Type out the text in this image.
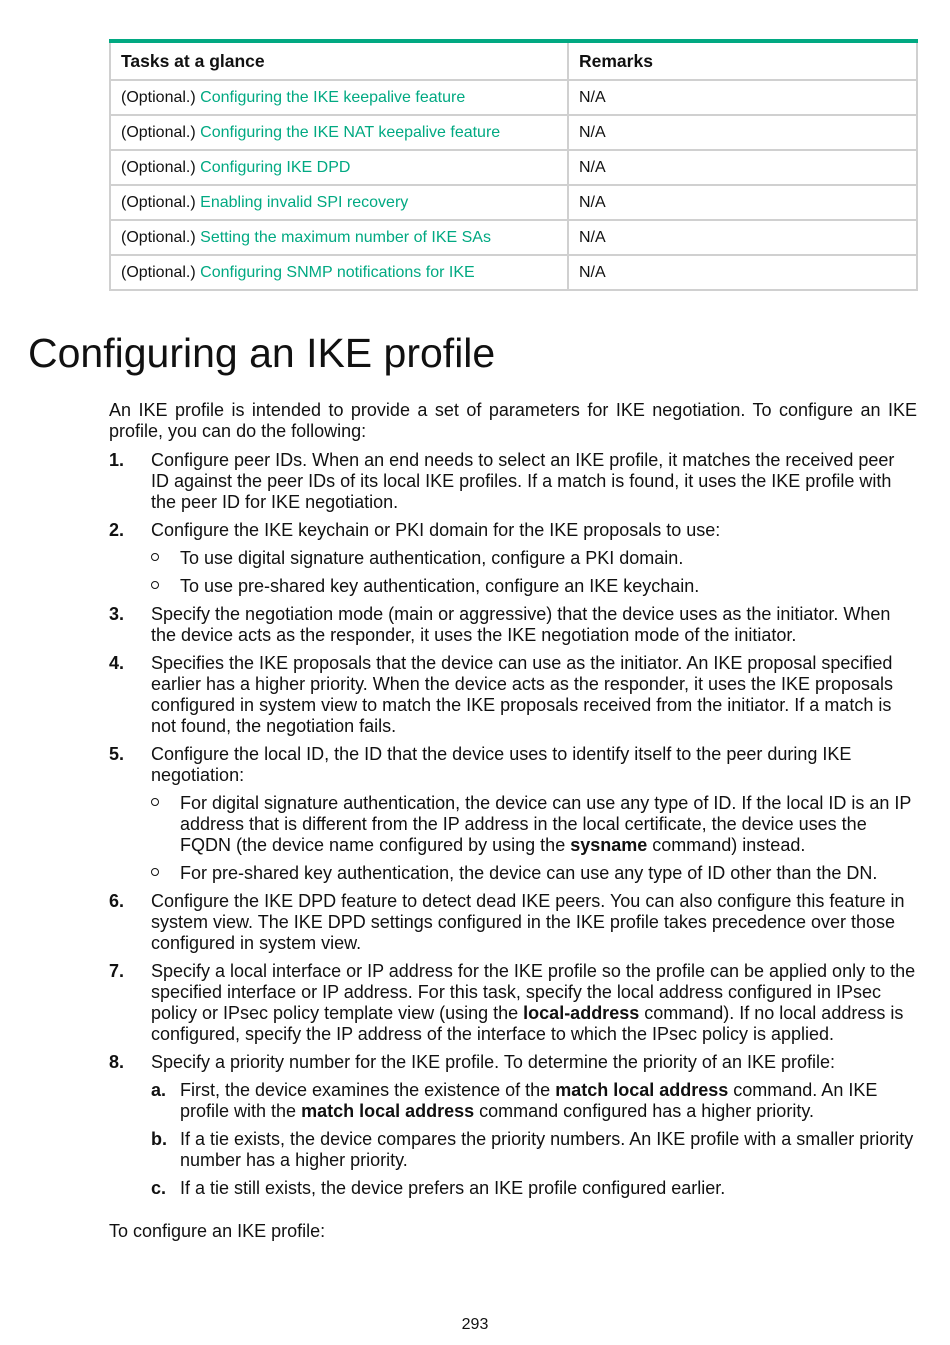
Tasks at a glance	Remarks
(Optional.) Configuring the IKE keepalive feature	N/A
(Optional.) Configuring the IKE NAT keepalive feature	N/A
(Optional.) Configuring IKE DPD	N/A
(Optional.) Enabling invalid SPI recovery	N/A
(Optional.) Setting the maximum number of IKE SAs	N/A
(Optional.) Configuring SNMP notifications for IKE	N/A
Configuring an IKE profile

An IKE profile is intended to provide a set of parameters for IKE negotiation. To configure an IKE profile, you can do the following:

1. Configure peer IDs. When an end needs to select an IKE profile, it matches the received peer ID against the peer IDs of its local IKE profiles. If a match is found, it uses the IKE profile with the peer ID for IKE negotiation.
2. Configure the IKE keychain or PKI domain for the IKE proposals to use:
To use digital signature authentication, configure a PKI domain.
To use pre-shared key authentication, configure an IKE keychain.
3. Specify the negotiation mode (main or aggressive) that the device uses as the initiator. When the device acts as the responder, it uses the IKE negotiation mode of the initiator.
4. Specifies the IKE proposals that the device can use as the initiator. An IKE proposal specified earlier has a higher priority. When the device acts as the responder, it uses the IKE proposals configured in system view to match the IKE proposals received from the initiator. If a match is not found, the negotiation fails.
5. Configure the local ID, the ID that the device uses to identify itself to the peer during IKE negotiation:
For digital signature authentication, the device can use any type of ID. If the local ID is an IP address that is different from the IP address in the local certificate, the device uses the FQDN (the device name configured by using the sysname command) instead.
For pre-shared key authentication, the device can use any type of ID other than the DN.
6. Configure the IKE DPD feature to detect dead IKE peers. You can also configure this feature in system view. The IKE DPD settings configured in the IKE profile takes precedence over those configured in system view.
7. Specify a local interface or IP address for the IKE profile so the profile can be applied only to the specified interface or IP address. For this task, specify the local address configured in IPsec policy or IPsec policy template view (using the local-address command). If no local address is configured, specify the IP address of the interface to which the IPsec policy is applied.
8. Specify a priority number for the IKE profile. To determine the priority of an IKE profile:
a. First, the device examines the existence of the match local address command. An IKE profile with the match local address command configured has a higher priority.
b. If a tie exists, the device compares the priority numbers. An IKE profile with a smaller priority number has a higher priority.
c. If a tie still exists, the device prefers an IKE profile configured earlier.

To configure an IKE profile:

293
